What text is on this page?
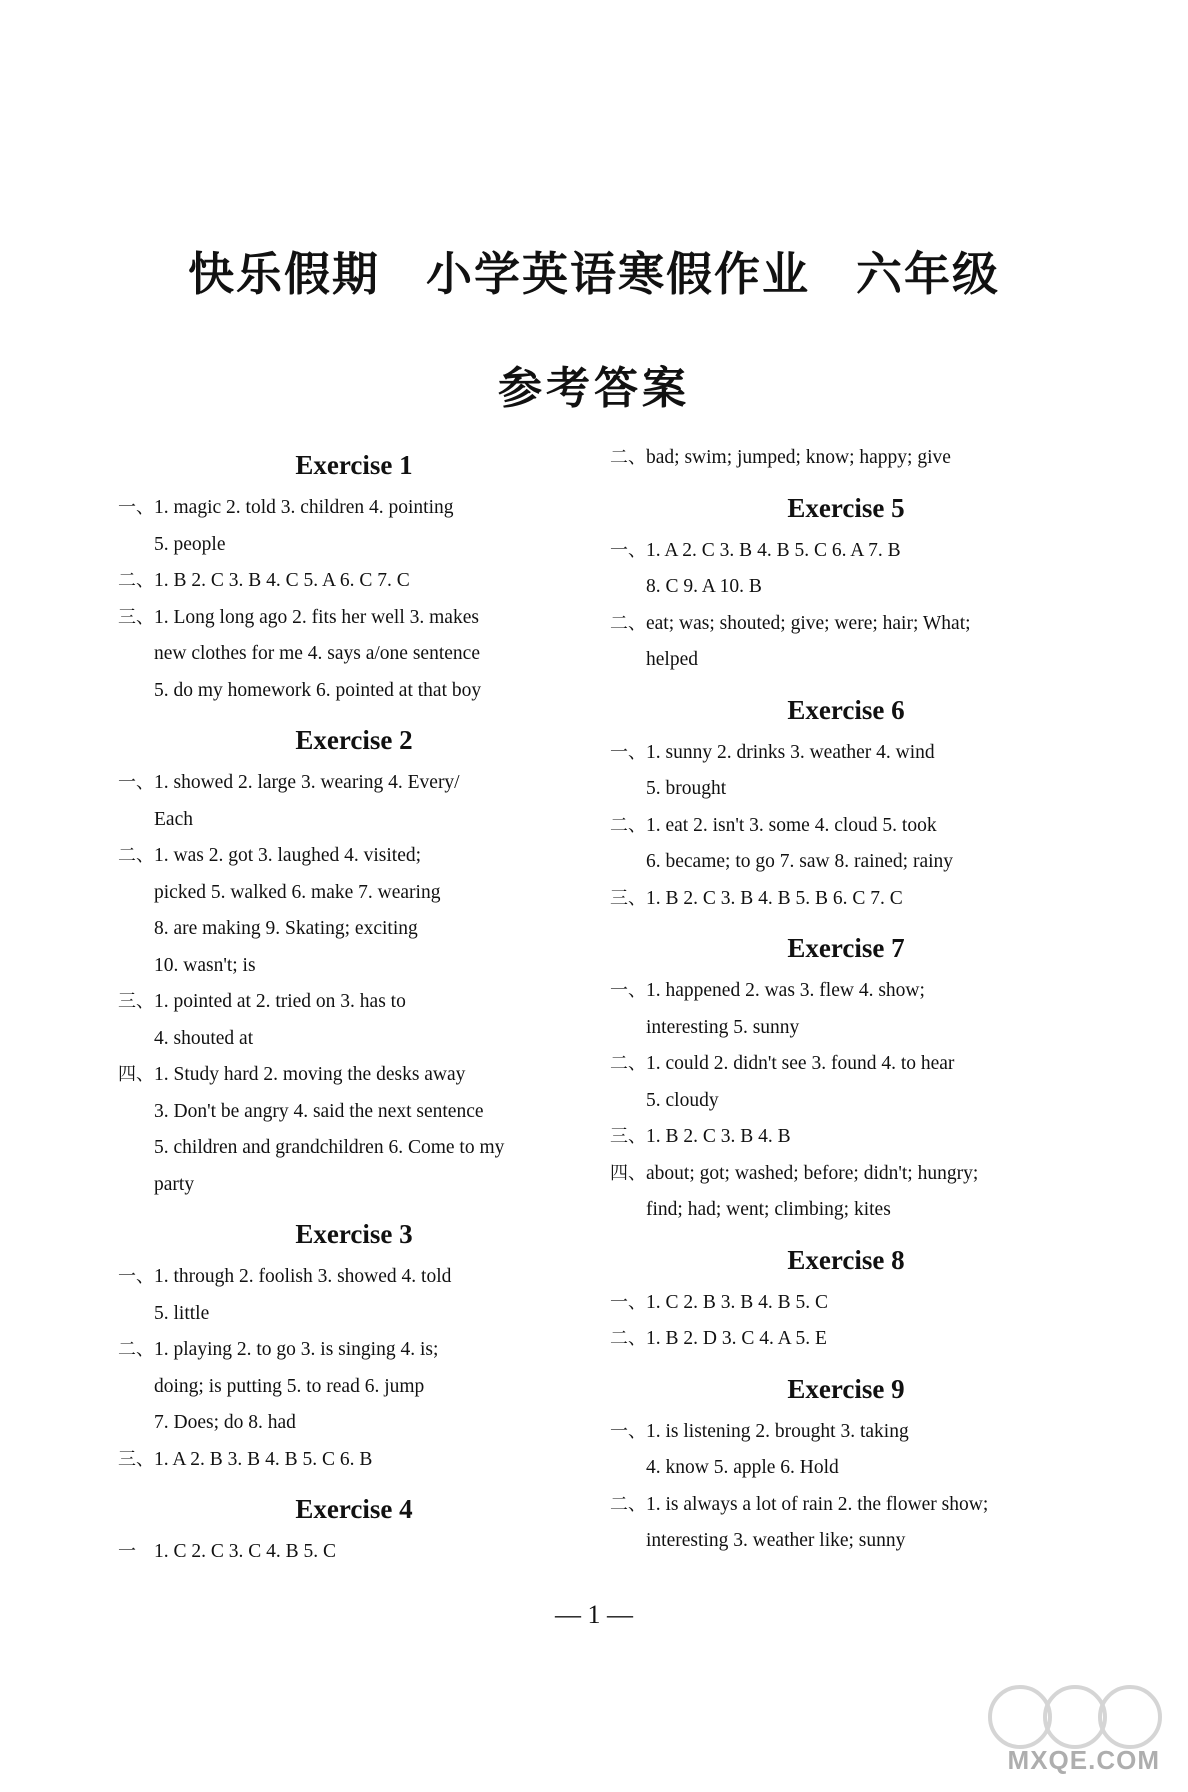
快乐假期 小学英语寒假作业 六年级
参考答案
Exercise 1
一、 1. magic 2. told 3. children 4. pointing
5. people
二、 1. B 2. C 3. B 4. C 5. A 6. C 7. C
三、 1. Long long ago 2. fits her well 3. makes
new clothes for me 4. says a/one sentence
5. do my homework 6. pointed at that boy
Exercise 2
一、 1. showed 2. large 3. wearing 4. Every/
Each
二、 1. was 2. got 3. laughed 4. visited;
picked 5. walked 6. make 7. wearing
8. are making 9. Skating; exciting
10. wasn't; is
三、 1. pointed at 2. tried on 3. has to
4. shouted at
四、 1. Study hard 2. moving the desks away
3. Don't be angry 4. said the next sentence
5. children and grandchildren 6. Come to my
party
Exercise 3
一、 1. through 2. foolish 3. showed 4. told
5. little
二、 1. playing 2. to go 3. is singing 4. is;
doing; is putting 5. to read 6. jump
7. Does; do 8. had
三、 1. A 2. B 3. B 4. B 5. C 6. B
Exercise 4
一 1. C 2. C 3. C 4. B 5. C
二、 bad; swim; jumped; know; happy; give
Exercise 5
一、 1. A 2. C 3. B 4. B 5. C 6. A 7. B
8. C 9. A 10. B
二、 eat; was; shouted; give; were; hair; What;
helped
Exercise 6
一、 1. sunny 2. drinks 3. weather 4. wind
5. brought
二、 1. eat 2. isn't 3. some 4. cloud 5. took
6. became; to go 7. saw 8. rained; rainy
三、 1. B 2. C 3. B 4. B 5. B 6. C 7. C
Exercise 7
一、 1. happened 2. was 3. flew 4. show;
interesting 5. sunny
二、 1. could 2. didn't see 3. found 4. to hear
5. cloudy
三、 1. B 2. C 3. B 4. B
四、 about; got; washed; before; didn't; hungry;
find; had; went; climbing; kites
Exercise 8
一、 1. C 2. B 3. B 4. B 5. C
二、 1. B 2. D 3. C 4. A 5. E
Exercise 9
一、 1. is listening 2. brought 3. taking
4. know 5. apple 6. Hold
二、 1. is always a lot of rain 2. the flower show;
interesting 3. weather like; sunny
— 1 —
MXQE.COM
